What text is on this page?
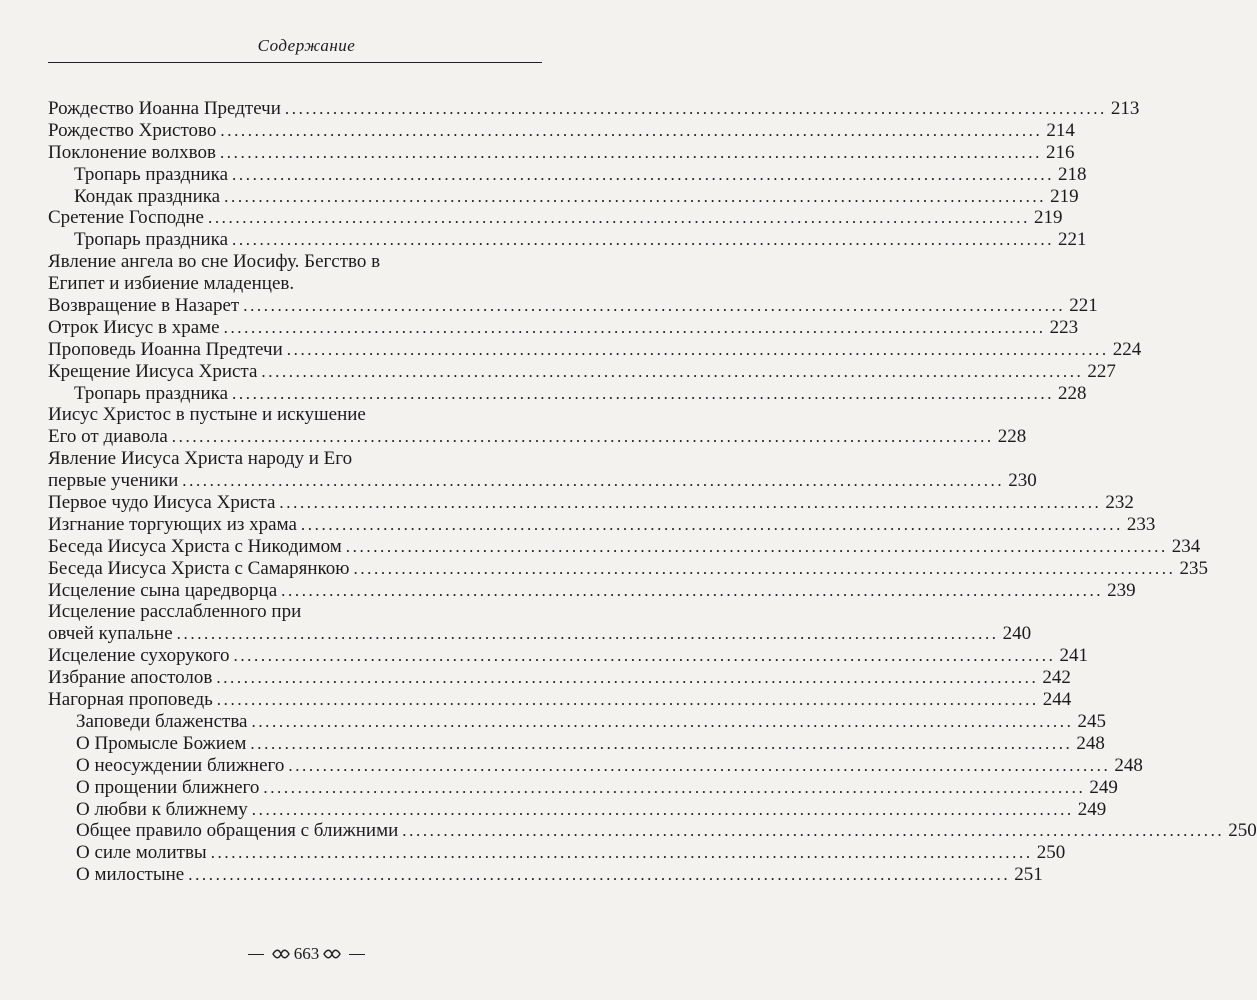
Содержание
Рождество Иоанна Предтечи ........................................................................................................................ 213
Рождество Христово ........................................................................................................................ 214
Поклонение волхвов ........................................................................................................................ 216
Тропарь праздника ........................................................................................................................ 218
Кондак праздника ........................................................................................................................ 219
Сретение Господне ........................................................................................................................ 219
Тропарь праздника ........................................................................................................................ 221
Явление ангела во сне Иосифу. Бегство в
Египет и избиение младенцев.
Возвращение в Назарет ........................................................................................................................ 221
Отрок Иисус в храме ........................................................................................................................ 223
Проповедь Иоанна Предтечи ........................................................................................................................ 224
Крещение Иисуса Христа ........................................................................................................................ 227
Тропарь праздника ........................................................................................................................ 228
Иисус Христос в пустыне и искушение
Его от диавола ........................................................................................................................ 228
Явление Иисуса Христа народу и Его
первые ученики ........................................................................................................................ 230
Первое чудо Иисуса Христа ........................................................................................................................ 232
Изгнание торгующих из храма ........................................................................................................................ 233
Беседа Иисуса Христа с Никодимом ........................................................................................................................ 234
Беседа Иисуса Христа с Самарянкою ........................................................................................................................ 235
Исцеление сына царедворца ........................................................................................................................ 239
Исцеление расслабленного при
овчей купальне ........................................................................................................................ 240
Исцеление сухорукого ........................................................................................................................ 241
Избрание апостолов ........................................................................................................................ 242
Нагорная проповедь ........................................................................................................................ 244
Заповеди блаженства ........................................................................................................................ 245
О Промысле Божием ........................................................................................................................ 248
О неосуждении ближнего ........................................................................................................................ 248
О прощении ближнего ........................................................................................................................ 249
О любви к ближнему ........................................................................................................................ 249
Общее правило обращения с ближними ........................................................................................................................ 250
О силе молитвы ........................................................................................................................ 250
О милостыне ........................................................................................................................ 251
663
